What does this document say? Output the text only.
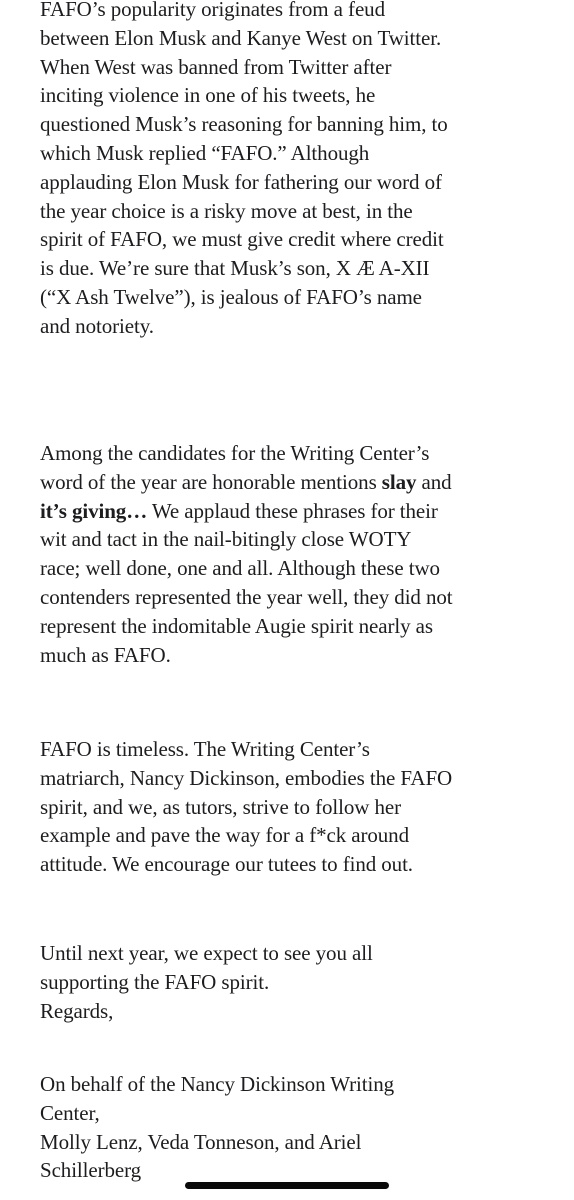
FAFO’s popularity originates from a feud
between Elon Musk and Kanye West on Twitter.
When West was banned from Twitter after
inciting violence in one of his tweets, he
questioned Musk’s reasoning for banning him, to
which Musk replied “FAFO.” Although
applauding Elon Musk for fathering our word of
the year choice is a risky move at best, in the
spirit of FAFO, we must give credit where credit
is due. We’re sure that Musk’s son, X Æ A-XII
(“X Ash Twelve”), is jealous of FAFO’s name
and notoriety.
Among the candidates for the Writing Center’s
word of the year are honorable mentions slay and
it’s giving… We applaud these phrases for their
wit and tact in the nail-bitingly close WOTY
race; well done, one and all. Although these two
contenders represented the year well, they did not
represent the indomitable Augie spirit nearly as
much as FAFO.
FAFO is timeless. The Writing Center’s
matriarch, Nancy Dickinson, embodies the FAFO
spirit, and we, as tutors, strive to follow her
example and pave the way for a f*ck around
attitude. We encourage our tutees to find out.
Until next year, we expect to see you all
supporting the FAFO spirit.
Regards,
On behalf of the Nancy Dickinson Writing
Center,
Molly Lenz, Veda Tonneson, and Ariel
Schillerberg
